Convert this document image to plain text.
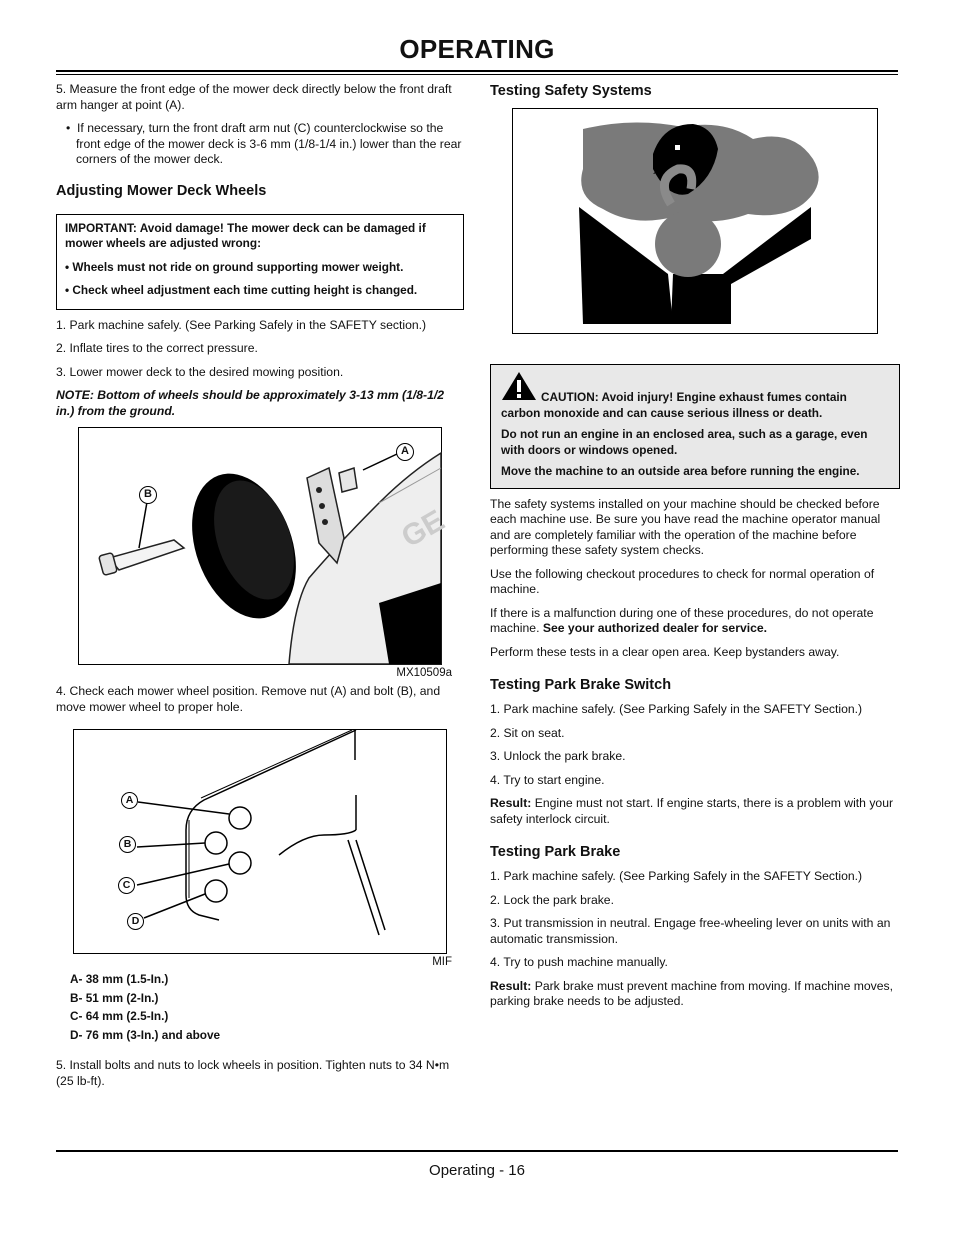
OPERATING

5. Measure the front edge of the mower deck directly below the front draft arm hanger at point (A).

•  If necessary, turn the front draft arm nut (C) counterclockwise so the front edge of the mower deck is 3-6 mm (1/8-1/4 in.) lower than the rear corners of the mower deck.

Adjusting Mower Deck Wheels

IMPORTANT: Avoid damage! The mower deck can be damaged if mower wheels are adjusted wrong:

• Wheels must not ride on ground supporting mower weight.

• Check wheel adjustment each time cutting height is changed.

1. Park machine safely. (See Parking Safely in the SAFETY section.)

2. Inflate tires to the correct pressure.

3. Lower mower deck to the desired mowing position.

NOTE: Bottom of wheels should be approximately 3-13 mm (1/8-1/2 in.) from the ground.

GE
A
B
MX10509a

4. Check each mower wheel position. Remove nut (A) and bolt (B), and move mower wheel to proper hole.

A
B
C
D
MIF

A- 38 mm (1.5-In.)

B- 51 mm (2-In.)

C- 64 mm (2.5-In.)

D- 76 mm (3-In.) and above

5. Install bolts and nuts to lock wheels in position. Tighten nuts to 34 N•m (25 lb-ft).

Testing Safety Systems

CAUTION: Avoid injury! Engine exhaust fumes contain carbon monoxide and can cause serious illness or death.

Do not run an engine in an enclosed area, such as a garage, even with doors or windows opened.

Move the machine to an outside area before running the engine.

The safety systems installed on your machine should be checked before each machine use. Be sure you have read the machine operator manual and are completely familiar with the operation of the machine before performing these safety system checks.

Use the following checkout procedures to check for normal operation of machine.

If there is a malfunction during one of these procedures, do not operate machine. See your authorized dealer for service.

Perform these tests in a clear open area. Keep bystanders away.

Testing Park Brake Switch

1. Park machine safely. (See Parking Safely in the SAFETY Section.)

2. Sit on seat.

3. Unlock the park brake.

4. Try to start engine.

Result: Engine must not start. If engine starts, there is a problem with your safety interlock circuit.

Testing Park Brake

1. Park machine safely. (See Parking Safely in the SAFETY Section.)

2. Lock the park brake.

3. Put transmission in neutral. Engage free-wheeling lever on units with an automatic transmission.

4. Try to push machine manually.

Result: Park brake must prevent machine from moving. If machine moves, parking brake needs to be adjusted.

Operating - 16
